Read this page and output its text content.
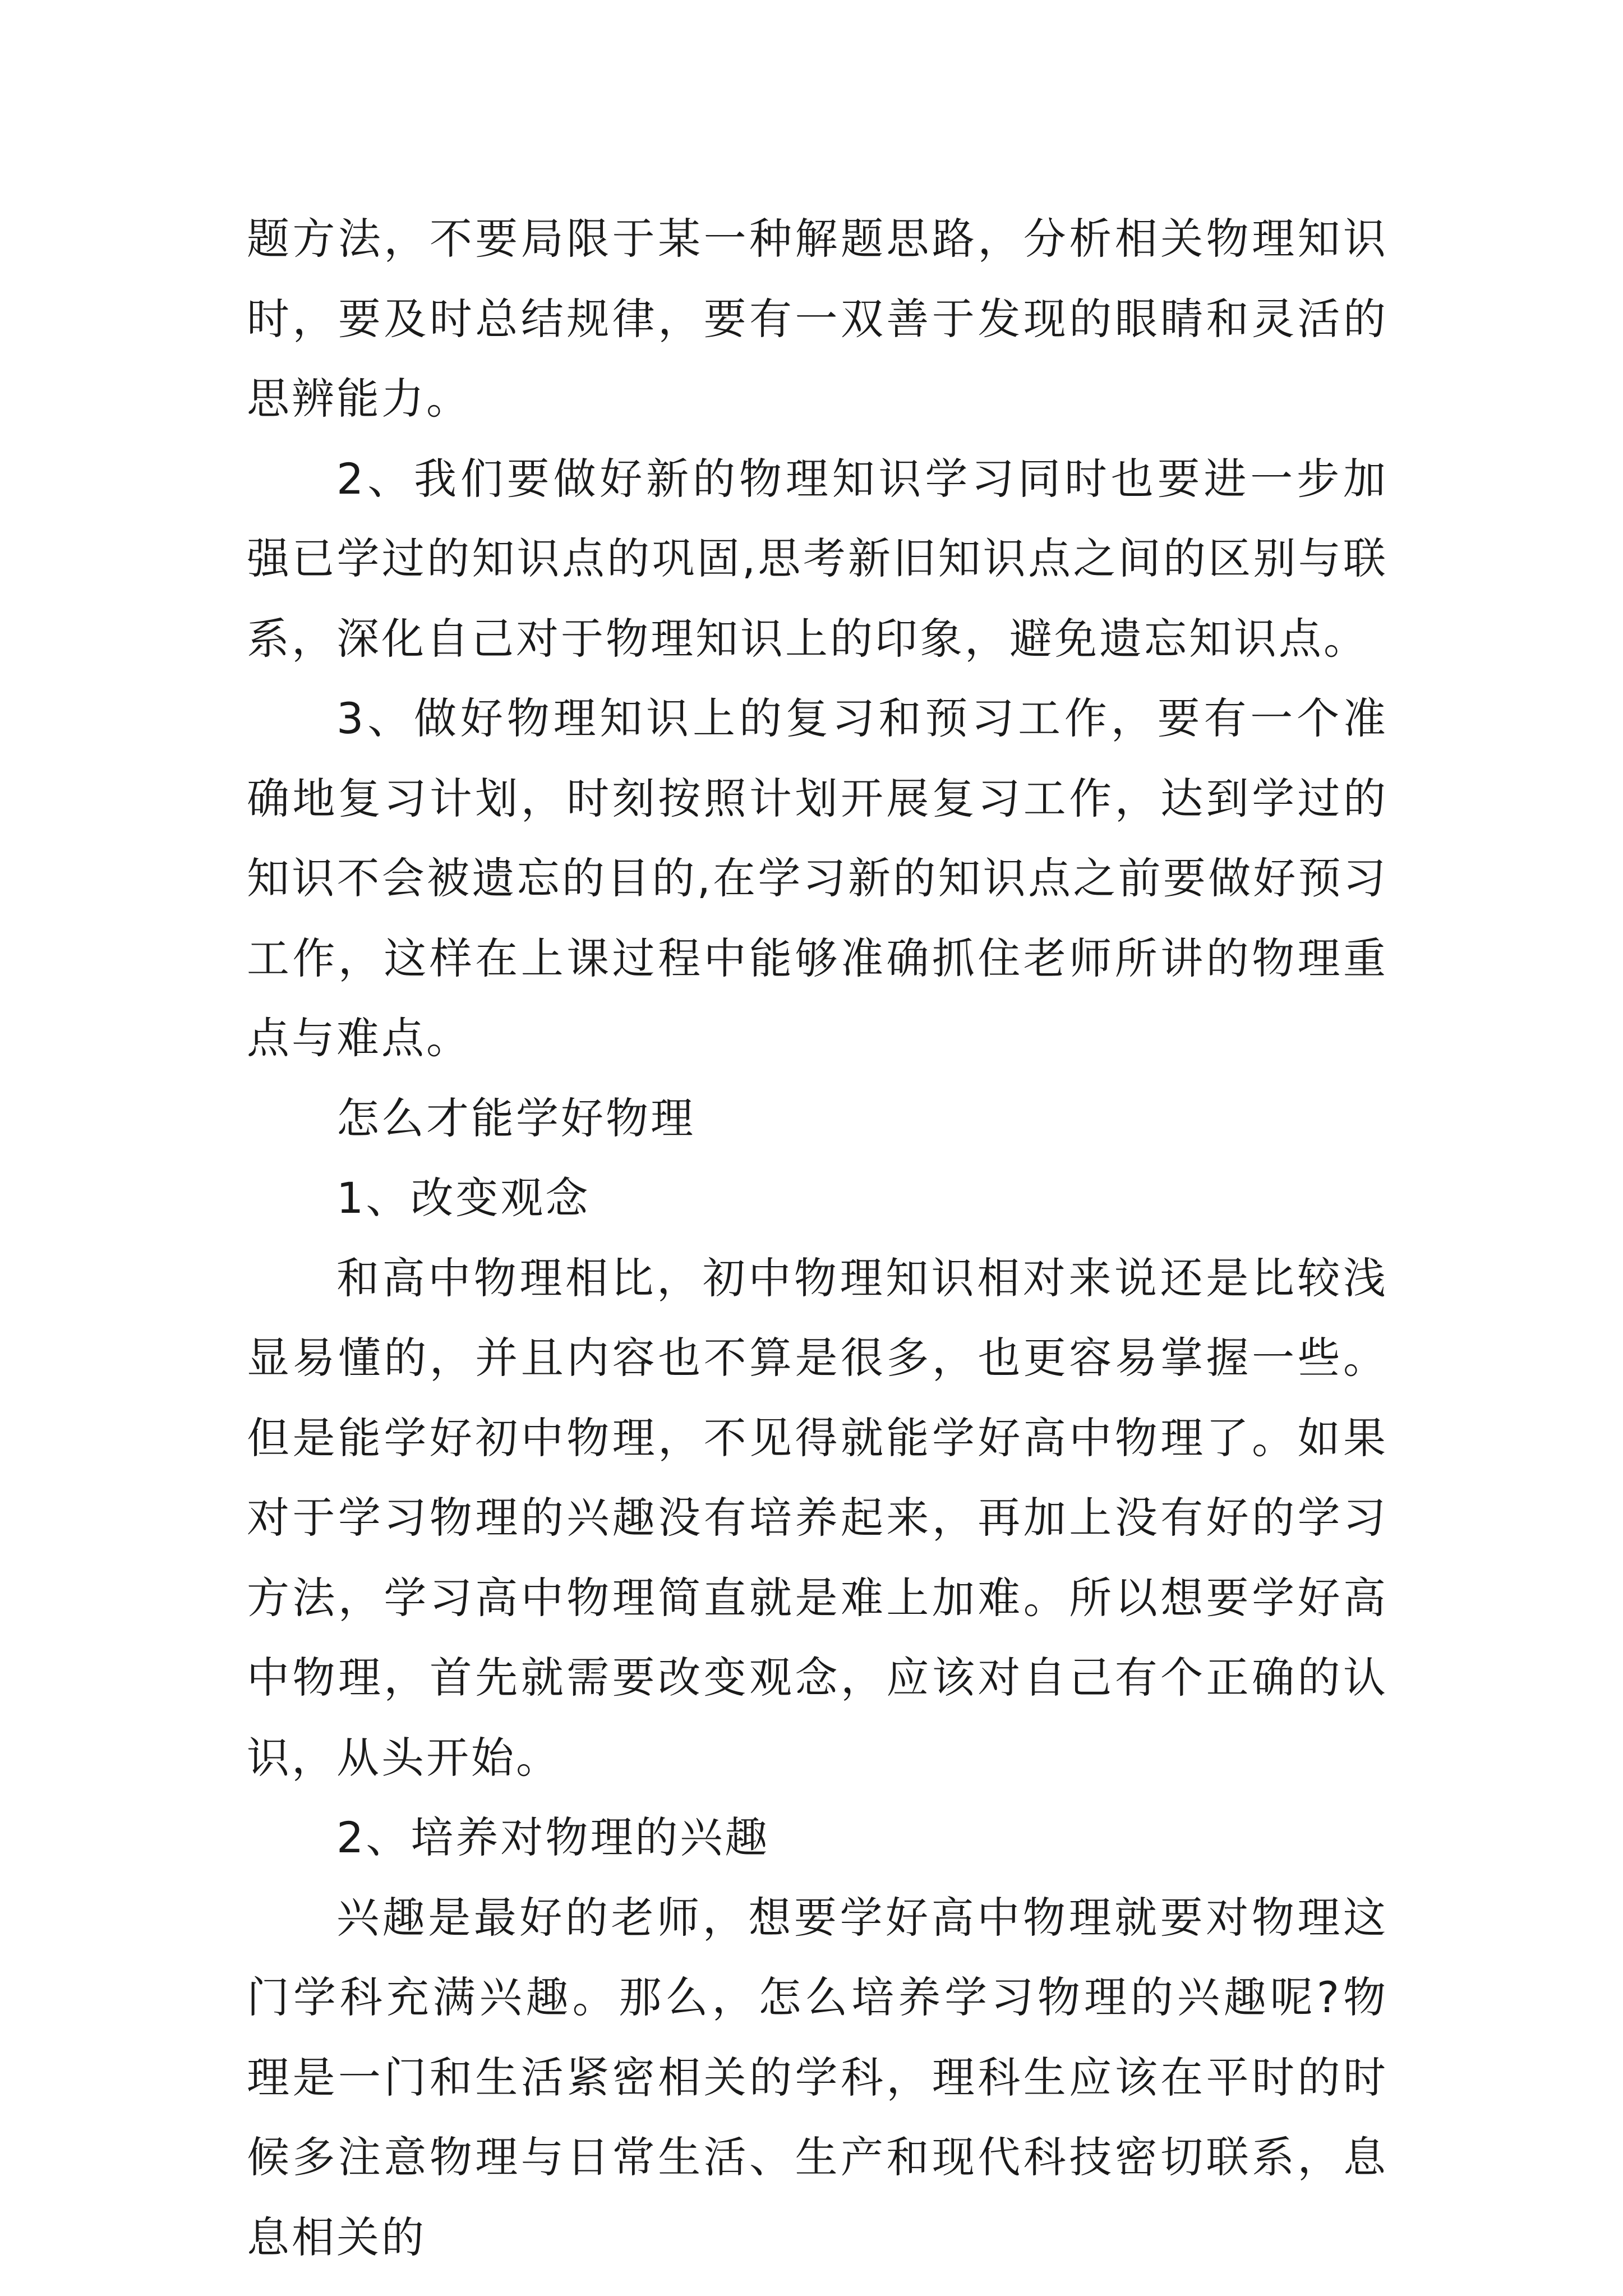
题方法，不要局限于某一种解题思路，分析相关物理知识时，要及时总结规律，要有一双善于发现的眼睛和灵活的思辨能力。

2、我们要做好新的物理知识学习同时也要进一步加强已学过的知识点的巩固,思考新旧知识点之间的区别与联系，深化自己对于物理知识上的印象，避免遗忘知识点。

3、做好物理知识上的复习和预习工作，要有一个准确地复习计划，时刻按照计划开展复习工作，达到学过的知识不会被遗忘的目的,在学习新的知识点之前要做好预习工作，这样在上课过程中能够准确抓住老师所讲的物理重点与难点。

怎么才能学好物理

1、改变观念

和高中物理相比，初中物理知识相对来说还是比较浅显易懂的，并且内容也不算是很多，也更容易掌握一些。但是能学好初中物理，不见得就能学好高中物理了。如果对于学习物理的兴趣没有培养起来，再加上没有好的学习方法，学习高中物理简直就是难上加难。所以想要学好高中物理，首先就需要改变观念，应该对自己有个正确的认识，从头开始。

2、培养对物理的兴趣

兴趣是最好的老师，想要学好高中物理就要对物理这门学科充满兴趣。那么，怎么培养学习物理的兴趣呢?物理是一门和生活紧密相关的学科，理科生应该在平时的时候多注意物理与日常生活、生产和现代科技密切联系，息息相关的
